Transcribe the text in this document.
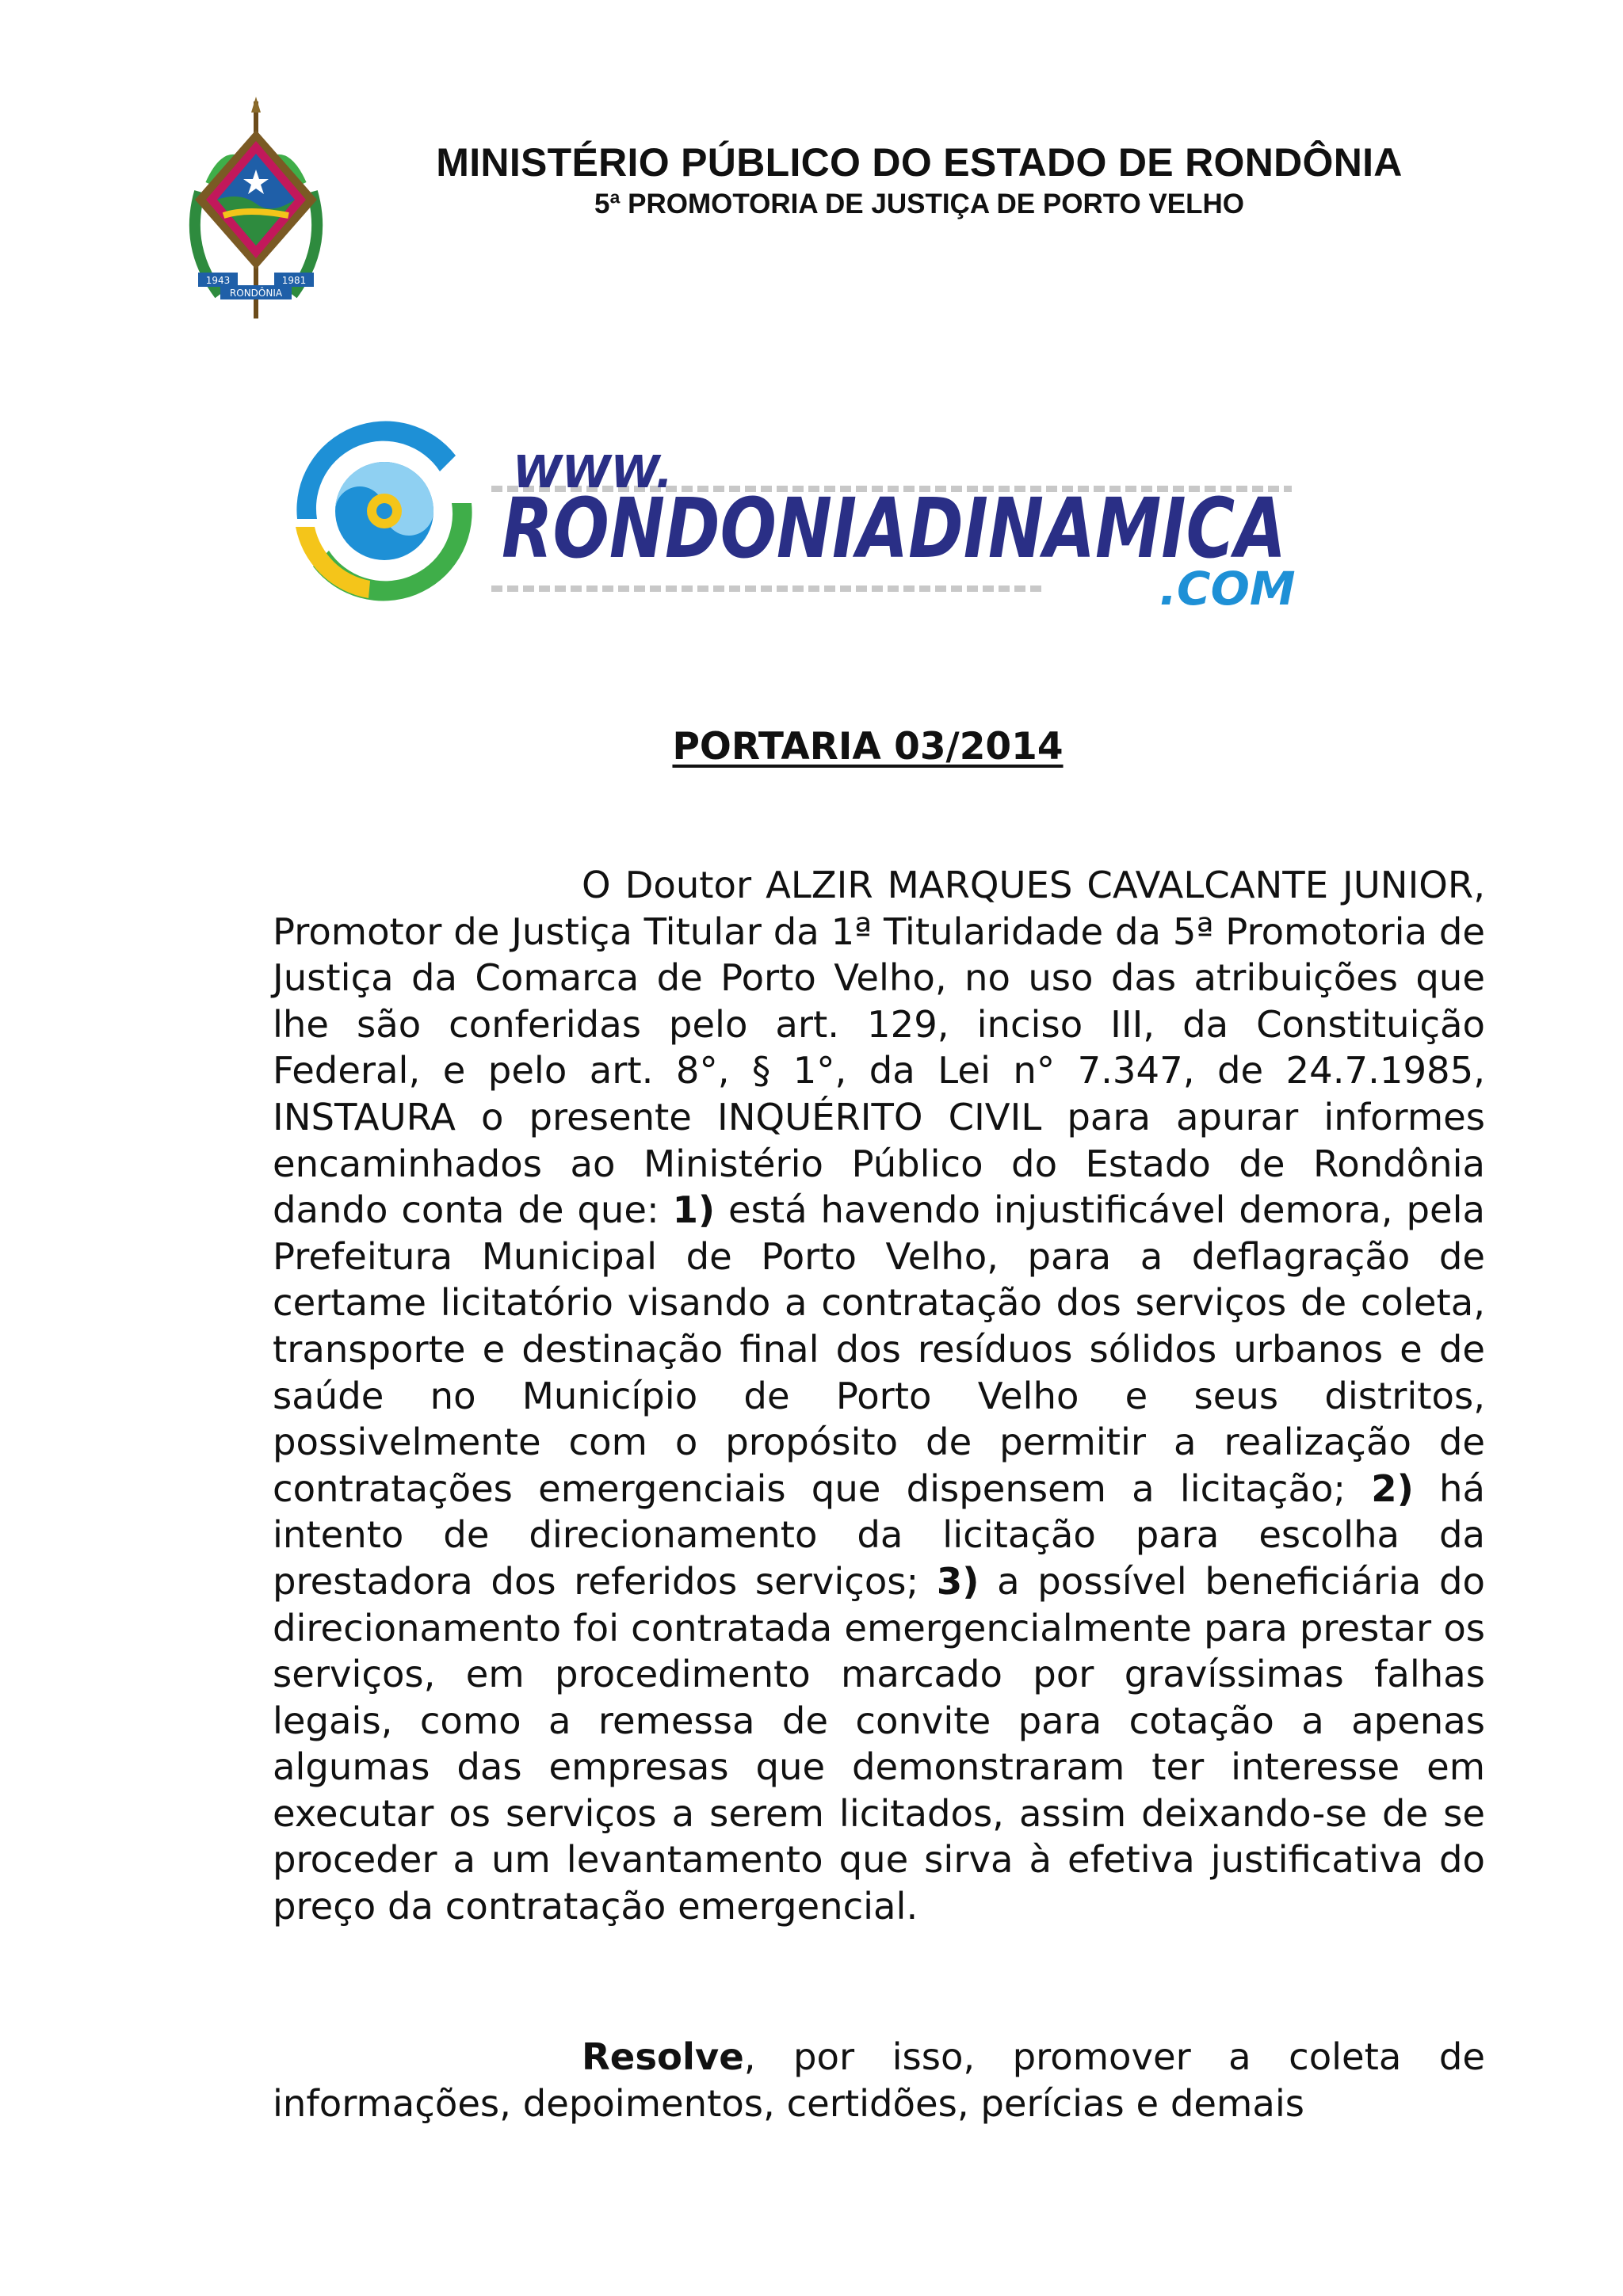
1943	1981
RONDÔNIA
MINISTÉRIO PÚBLICO DO ESTADO DE RONDÔNIA
5ª PROMOTORIA DE JUSTIÇA DE PORTO VELHO
WWW.
RONDONIADINAMICA
.COM
PORTARIA 03/2014

O Doutor ALZIR MARQUES CAVALCANTE JUNIOR, Promotor de Justiça Titular da 1ª Titularidade da 5ª Promotoria de Justiça da Comarca de Porto Velho, no uso das atribuições que lhe são conferidas pelo art. 129, inciso III, da Constituição Federal, e pelo art. 8°, § 1°, da Lei n° 7.347, de 24.7.1985, INSTAURA o presente INQUÉRITO CIVIL para apurar informes encaminhados ao Ministério Público do Estado de Rondônia dando conta de que: 1) está havendo injustificável demora, pela Prefeitura Municipal de Porto Velho, para a deflagração de certame licitatório visando a contratação dos serviços de coleta, transporte e destinação final dos resíduos sólidos urbanos e de saúde no Município de Porto Velho e seus distritos, possivelmente com o propósito de permitir a realização de contratações emergenciais que dispensem a licitação; 2) há intento de direcionamento da licitação para escolha da prestadora dos referidos serviços; 3) a possível beneficiária do direcionamento foi contratada emergencialmente para prestar os serviços, em procedimento marcado por gravíssimas falhas legais, como a remessa de convite para cotação a apenas algumas das empresas que demonstraram ter interesse em executar os serviços a serem licitados, assim deixando-se de se proceder a um levantamento que sirva à efetiva justificativa do preço da contratação emergencial.

Resolve, por isso, promover a coleta de informações, depoimentos, certidões, perícias e demais
